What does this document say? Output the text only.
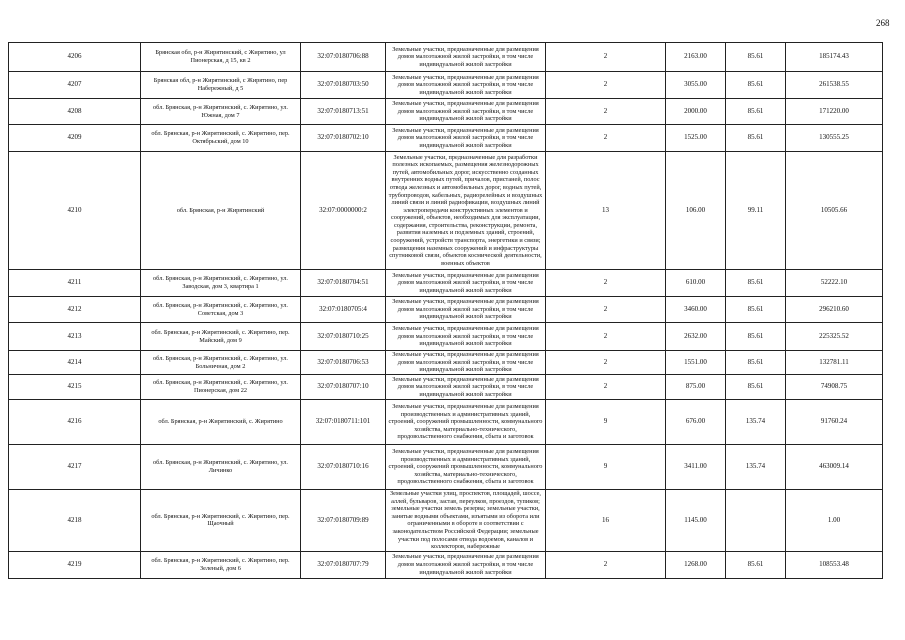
268
4206	Брянская обл, р-н Жирятинский, с Жирятино, ул Пионерская, д 15, кв 2	32:07:0180706:88	Земельные участки, предназначенные для размещения домов малоэтажной жилой застройки, в том числе индивидуальной жилой застройки	2	2163.00	85.61	185174.43
4207	Брянская обл, р-н Жирятинский, с Жирятино, пер Набережный, д 5	32:07:0180703:50	Земельные участки, предназначенные для размещения домов малоэтажной жилой застройки, в том числе индивидуальной жилой застройки	2	3055.00	85.61	261538.55
4208	обл. Брянская, р-н Жирятинский, с. Жирятино, ул. Южная, дом 7	32:07:0180713:51	Земельные участки, предназначенные для размещения домов малоэтажной жилой застройки, в том числе индивидуальной жилой застройки	2	2000.00	85.61	171220.00
4209	обл. Брянская, р-н Жирятинский, с. Жирятино, пер. Октябрьский, дом 10	32:07:0180702:10	Земельные участки, предназначенные для размещения домов малоэтажной жилой застройки, в том числе индивидуальной жилой застройки	2	1525.00	85.61	130555.25
4210	обл. Брянская, р-н Жирятинский	32:07:0000000:2	Земельные участки, предназначенные для разработки полезных ископаемых, размещения железнодорожных путей, автомобильных дорог, искусственно созданных внутренних водных путей, причалов, пристаней, полос отвода железных и автомобильных дорог, водных путей, трубопроводов, кабельных, радиорелейных и воздушных линий связи и линий радиофикации, воздушных линий электропередачи конструктивных элементов и сооружений, объектов, необходимых для эксплуатации, содержания, строительства, реконструкции, ремонта, развития наземных и подземных зданий, строений, сооружений, устройств транспорта, энергетики и связи; размещения наземных сооружений и инфраструктуры спутниковой связи, объектов космической деятельности, военных объектов	13	106.00	99.11	10505.66
4211	обл. Брянская, р-н Жирятинский, с. Жирятино, ул. Заводская, дом 3, квартира 1	32:07:0180704:51	Земельные участки, предназначенные для размещения домов малоэтажной жилой застройки, в том числе индивидуальной жилой застройки	2	610.00	85.61	52222.10
4212	обл. Брянская, р-н Жирятинский, с. Жирятино, ул. Советская, дом 3	32:07:0180705:4	Земельные участки, предназначенные для размещения домов малоэтажной жилой застройки, в том числе индивидуальной жилой застройки	2	3460.00	85.61	296210.60
4213	обл. Брянская, р-н Жирятинский, с. Жирятино, пер. Майский, дом 9	32:07:0180710:25	Земельные участки, предназначенные для размещения домов малоэтажной жилой застройки, в том числе индивидуальной жилой застройки	2	2632.00	85.61	225325.52
4214	обл. Брянская, р-н Жирятинский, с. Жирятино, ул. Больничная, дом 2	32:07:0180706:53	Земельные участки, предназначенные для размещения домов малоэтажной жилой застройки, в том числе индивидуальной жилой застройки	2	1551.00	85.61	132781.11
4215	обл. Брянская, р-н Жирятинский, с. Жирятино, ул. Пионерская, дом 22	32:07:0180707:10	Земельные участки, предназначенные для размещения домов малоэтажной жилой застройки, в том числе индивидуальной жилой застройки	2	875.00	85.61	74908.75
4216	обл. Брянская, р-н Жирятинский, с. Жирятино	32:07:0180711:101	Земельные участки, предназначенные для размещения производственных и административных зданий, строений, сооружений промышленности, коммунального хозяйства, материально-технического, продовольственного снабжения, сбыта и заготовок	9	676.00	135.74	91760.24
4217	обл. Брянская, р-н Жирятинский, с. Жирятино, ул. Личинко	32:07:0180710:16	Земельные участки, предназначенные для размещения производственных и административных зданий, строений, сооружений промышленности, коммунального хозяйства, материально-технического, продовольственного снабжения, сбыта и заготовок	9	3411.00	135.74	463009.14
4218	обл. Брянская, р-н Жирятинский, с. Жирятино, пер. Щаочный	32:07:0180709:89	Земельные участки улиц, проспектов, площадей, шоссе, аллей, бульваров, застав, переулков, проездов, тупиков; земельные участки земель резерва; земельные участки, занятые водными объектами, изъятыми из оборота или ограниченными в обороте в соответствии с законодательством Российской Федерации; земельные участки под полосами отвода водоемов, каналов и коллекторов, набережные	16	1145.00		1.00
4219	обл. Брянская, р-н Жирятинский, с. Жирятино, пер. Зеленый, дом 6	32:07:0180707:79	Земельные участки, предназначенные для размещения домов малоэтажной жилой застройки, в том числе индивидуальной жилой застройки	2	1268.00	85.61	108553.48
